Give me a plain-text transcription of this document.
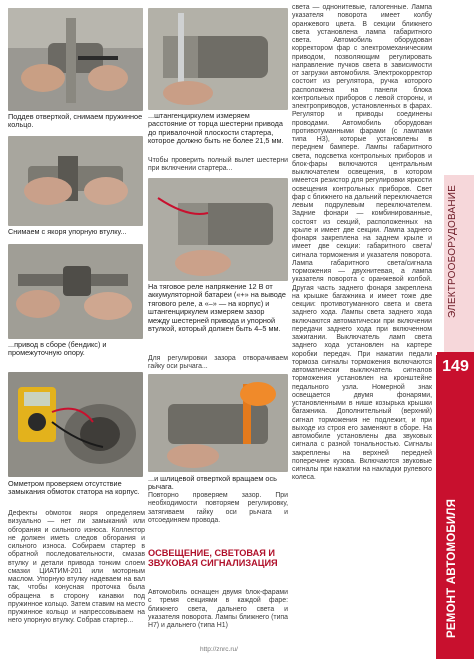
Поддев отверткой, снимаем пружинное кольцо.
Снимаем с якоря упорную втулку...
...привод в сборе (бендикс) и промежуточную опору.
Омметром проверяем отсутствие замыкания обмоток статора на корпус.

Дефекты обмоток якоря определяем визуально — нет ли замыканий или обгорания и сильного износа. Коллектор не должен иметь следов обгорания и сильного износа. Собираем стартер в обратной последовательности, смазав втулку и детали привода тонким слоем смазки ЦИАТИМ-201 или моторным маслом. Упорную втулку надеваем на вал так, чтобы конусная проточка была обращена в сторону канавки под пружинное кольцо. Затем ставим на место пружинное кольцо и напрессовываем на него упорную втулку. Собрав стартер...

...штангенциркулем измеряем расстояние от торца шестерни привода до привалочной плоскости стартера, которое должно быть не более 21,5 мм.

Чтобы проверить полный вылет шестерни при включении стартера...

На тяговое реле напряжение 12 В от аккумуляторной батареи («+» на выводе тягового реле, а «–» — на корпус) и штангенциркулем измеряем зазор между шестерней привода и упорной втулкой, который должен быть 4–5 мм.

Для регулировки зазора отворачиваем гайку оси рычага...

...и шлицевой отверткой вращаем ось рычага.

Повторно проверяем зазор. При необходимости повторяем регулировку, затягиваем гайку оси рычага и отсоединяем провода.

ОСВЕЩЕНИЕ, СВЕТОВАЯ И ЗВУКОВАЯ СИГНАЛИЗАЦИЯ

Автомобиль оснащен двумя блок-фарами с тремя секциями в каждой фаре: ближнего света, дальнего света и указателя поворота. Лампы ближнего (типа H7) и дальнего (типа H1)

света — однонитевые, галогенные. Лампа указателя поворота имеет колбу оранжевого цвета. В секции ближнего света установлена лампа габаритного света. Автомобиль оборудован корректором фар с электромеханическим приводом, позволяющим регулировать направление пучков света в зависимости от загрузки автомобиля. Электрокорректор состоит из регулятора, ручка которого расположена на панели блока контрольных приборов с левой стороны, и электроприводов, установленных в фарах. Регулятор и приводы соединены проводами. Автомобиль оборудован противотуманными фарами (с лампами типа H3), которые установлены в переднем бампере. Лампы габаритного света, подсветка контрольных приборов и блок-фары включаются центральным выключателем освещения, в котором имеется резистор для регулировки яркости освещения контрольных приборов. Свет фар с ближнего на дальний переключается левым подрулевым переключателем. Задние фонари — комбинированные, состоят из секций, расположенных на крыле и имеет две секции. Лампа заднего фонаря закреплена на заднем крыле и имеет две секции: габаритного света/сигнала торможения и указателя поворота. Лампа габаритного света/сигнала торможения — двухнитевая, а лампа указателя поворота с оранжевой колбой. Другая часть заднего фонаря закреплена на крышке багажника и имеет тоже две секции: противотуманного света и света заднего хода. Лампы света заднего хода включаются автоматически при включении передачи заднего хода при включенном зажигании. Выключатель ламп света заднего хода установлен на картере коробки передач. При нажатии педали тормоза сигналы торможения включаются автоматически выключатель сигналов торможения установлен на кронштейне педального узла. Номерной знак освещается двумя фонарями, установленными в нише козырька крышки багажника. Дополнительный (верхний) сигнал торможения не подлежит, и при выходе из строя его заменяют в сборе. На автомобиле установлены два звуковых сигнала с разной тональностью. Сигналы закреплены на верхней передней поперечине кузова. Включаются звуковые сигналы при нажатии на накладки рулевого колеса.

ЭЛЕКТРООБОРУДОВАНИЕ
149
РЕМОНТ АВТОМОБИЛЯ
http://znrc.ru/
